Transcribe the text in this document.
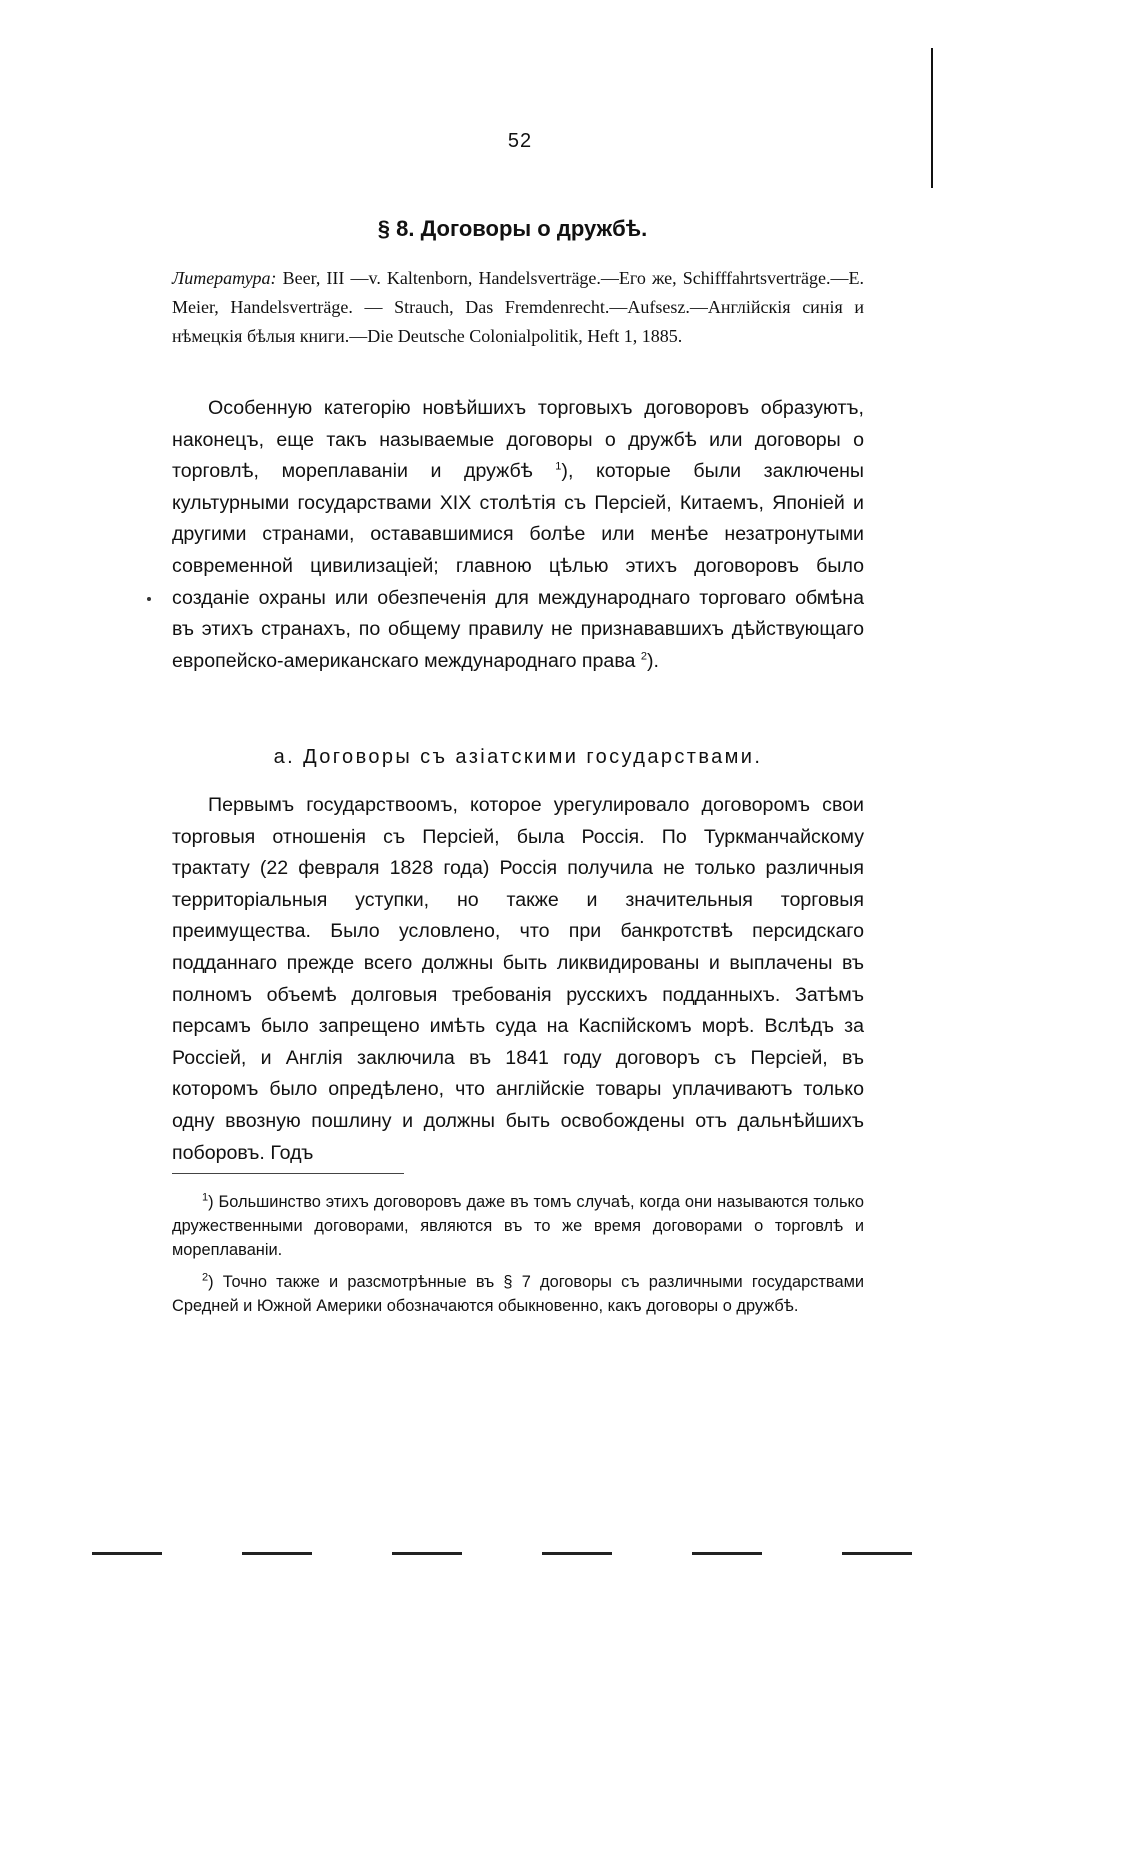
52
§ 8. Договоры о дружбѣ.
Литература: Beer, III —v. Kaltenborn, Handelsverträge.—Его же, Schifffahrtsverträge.—E. Meier, Handelsverträge. — Strauch, Das Fremdenrecht.—Aufsesz.—Англійскія синія и нѣмецкія бѣлыя книги.—Die Deutsche Colonialpolitik, Heft 1, 1885.

Особенную категорію новѣйшихъ торговыхъ договоровъ образуютъ, наконецъ, еще такъ называемые договоры о дружбѣ или договоры о торговлѣ, мореплаваніи и дружбѣ $^1$), которые были заключены культурными государствами XIX столѣтія съ Персіей, Китаемъ, Японіей и другими странами, остававшимися болѣе или менѣе незатронутыми современной цивилизаціей; главною цѣлью этихъ договоровъ было созданіе охраны или обезпеченія для международнаго торговаго обмѣна въ этихъ странахъ, по общему правилу не признававшихъ дѣйствующаго европейско-американскаго международнаго права $^2$).

а. Договоры съ азіатскими государствами.

Первымъ государствоомъ, которое урегулировало договоромъ свои торговыя отношенія съ Персіей, была Россія. По Туркманчайскому трактату (22 февраля 1828 года) Россія получила не только различныя территоріальныя уступки, но также и значительныя торговыя преимущества. Было условлено, что при банкротствѣ персидскаго подданнаго прежде всего должны быть ликвидированы и выплачены въ полномъ объемѣ долговыя требованія русскихъ подданныхъ. Затѣмъ персамъ было запрещено имѣть суда на Каспійскомъ морѣ. Вслѣдъ за Россіей, и Англія заключила въ 1841 году договоръ съ Персіей, въ которомъ было опредѣлено, что англійскіе товары уплачиваютъ только одну ввозную пошлину и должны быть освобождены отъ дальнѣйшихъ поборовъ. Годъ

$^1$) Большинство этихъ договоровъ даже въ томъ случаѣ, когда они называются только дружественными договорами, являются въ то же время договорами о торговлѣ и мореплаваніи.

$^2$) Точно также и разсмотрѣнные въ § 7 договоры съ различными государствами Средней и Южной Америки обозначаются обыкновенно, какъ договоры о дружбѣ.
